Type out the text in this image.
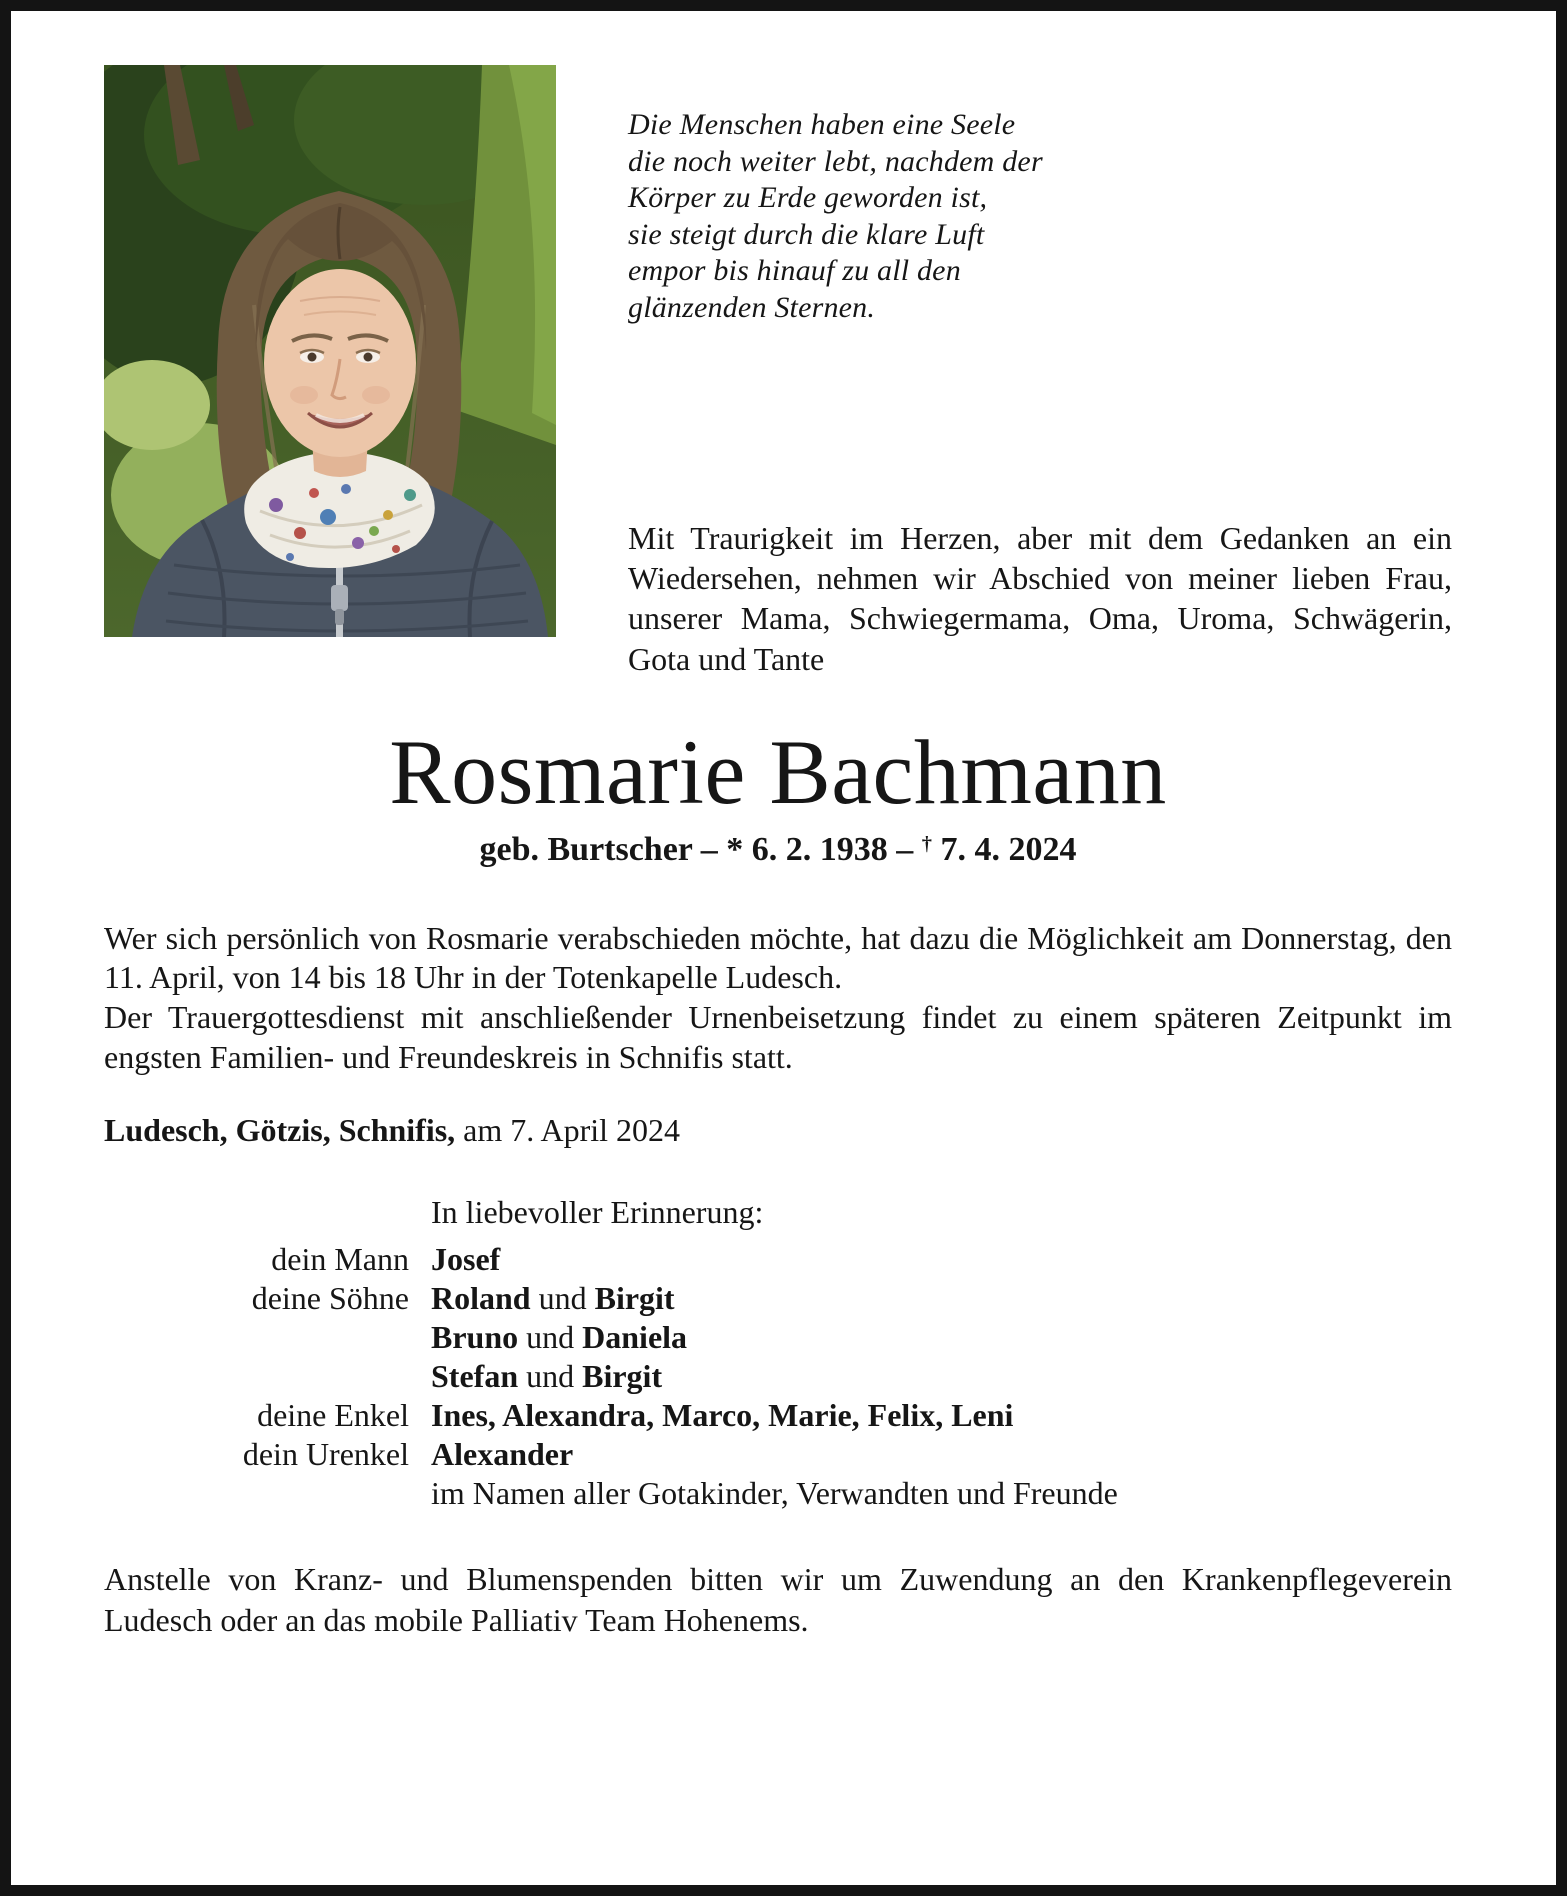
Die Menschen haben eine Seele
die noch weiter lebt, nachdem der
Körper zu Erde geworden ist,
sie steigt durch die klare Luft
empor bis hinauf zu all den
glänzenden Sternen.

Mit Traurigkeit im Herzen, aber mit dem Gedanken an ein Wiedersehen, nehmen wir Abschied von meiner lieben Frau, unserer Mama, Schwiegermama, Oma, Uroma, Schwägerin, Gota und Tante

Rosmarie Bachmann
geb. Burtscher – * 6. 2. 1938 – † 7. 4. 2024

Wer sich persönlich von Rosmarie verabschieden möchte, hat dazu die Möglichkeit am Donnerstag, den 11. April, von 14 bis 18 Uhr in der Totenkapelle Ludesch.

Der Trauergottesdienst mit anschließender Urnenbeisetzung findet zu einem späteren Zeitpunkt im engsten Familien- und Freundeskreis in Schnifis statt.

Ludesch, Götzis, Schnifis, am 7. April 2024

In liebevoller Erinnerung:
dein Mann Josef
deine Söhne Roland und Birgit
Bruno und Daniela
Stefan und Birgit
deine Enkel Ines, Alexandra, Marco, Marie, Felix, Leni
dein Urenkel Alexander
im Namen aller Gotakinder, Verwandten und Freunde

Anstelle von Kranz- und Blumenspenden bitten wir um Zuwendung an den Krankenpflegeverein Ludesch oder an das mobile Palliativ Team Hohenems.
